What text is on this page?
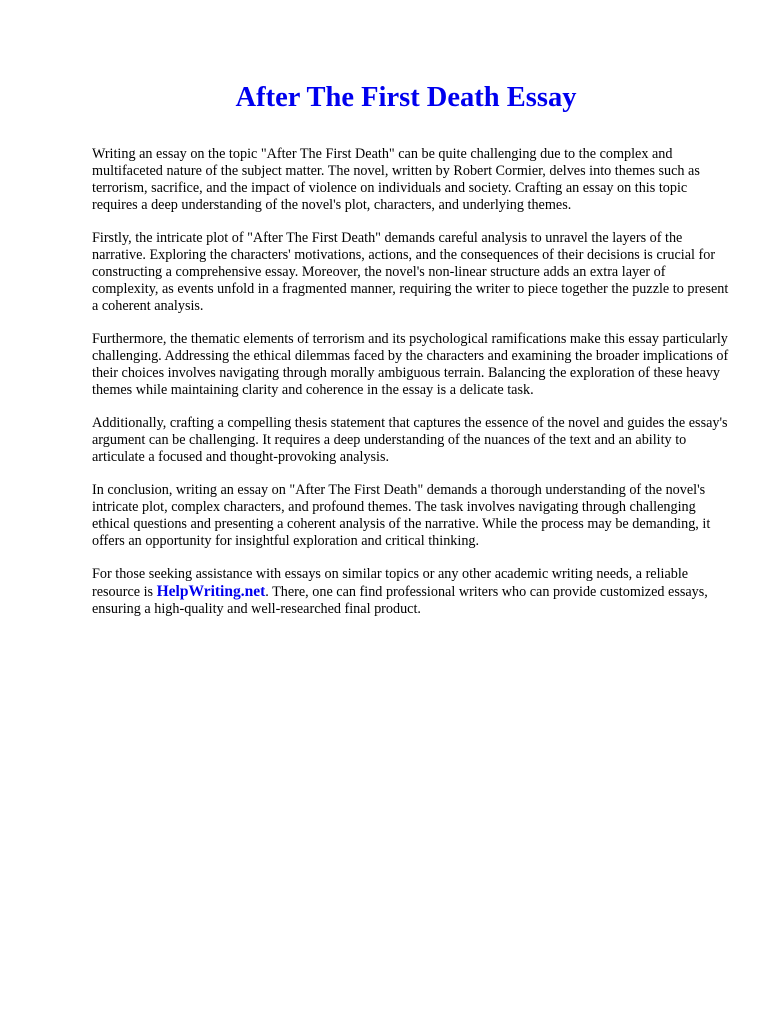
After The First Death Essay

Writing an essay on the topic "After The First Death" can be quite challenging due to the complex and multifaceted nature of the subject matter. The novel, written by Robert Cormier, delves into themes such as terrorism, sacrifice, and the impact of violence on individuals and society. Crafting an essay on this topic requires a deep understanding of the novel's plot, characters, and underlying themes.

Firstly, the intricate plot of "After The First Death" demands careful analysis to unravel the layers of the narrative. Exploring the characters' motivations, actions, and the consequences of their decisions is crucial for constructing a comprehensive essay. Moreover, the novel's non-linear structure adds an extra layer of complexity, as events unfold in a fragmented manner, requiring the writer to piece together the puzzle to present a coherent analysis.

Furthermore, the thematic elements of terrorism and its psychological ramifications make this essay particularly challenging. Addressing the ethical dilemmas faced by the characters and examining the broader implications of their choices involves navigating through morally ambiguous terrain. Balancing the exploration of these heavy themes while maintaining clarity and coherence in the essay is a delicate task.

Additionally, crafting a compelling thesis statement that captures the essence of the novel and guides the essay's argument can be challenging. It requires a deep understanding of the nuances of the text and an ability to articulate a focused and thought-provoking analysis.

In conclusion, writing an essay on "After The First Death" demands a thorough understanding of the novel's intricate plot, complex characters, and profound themes. The task involves navigating through challenging ethical questions and presenting a coherent analysis of the narrative. While the process may be demanding, it offers an opportunity for insightful exploration and critical thinking.

For those seeking assistance with essays on similar topics or any other academic writing needs, a reliable resource is HelpWriting.net. There, one can find professional writers who can provide customized essays, ensuring a high-quality and well-researched final product.
